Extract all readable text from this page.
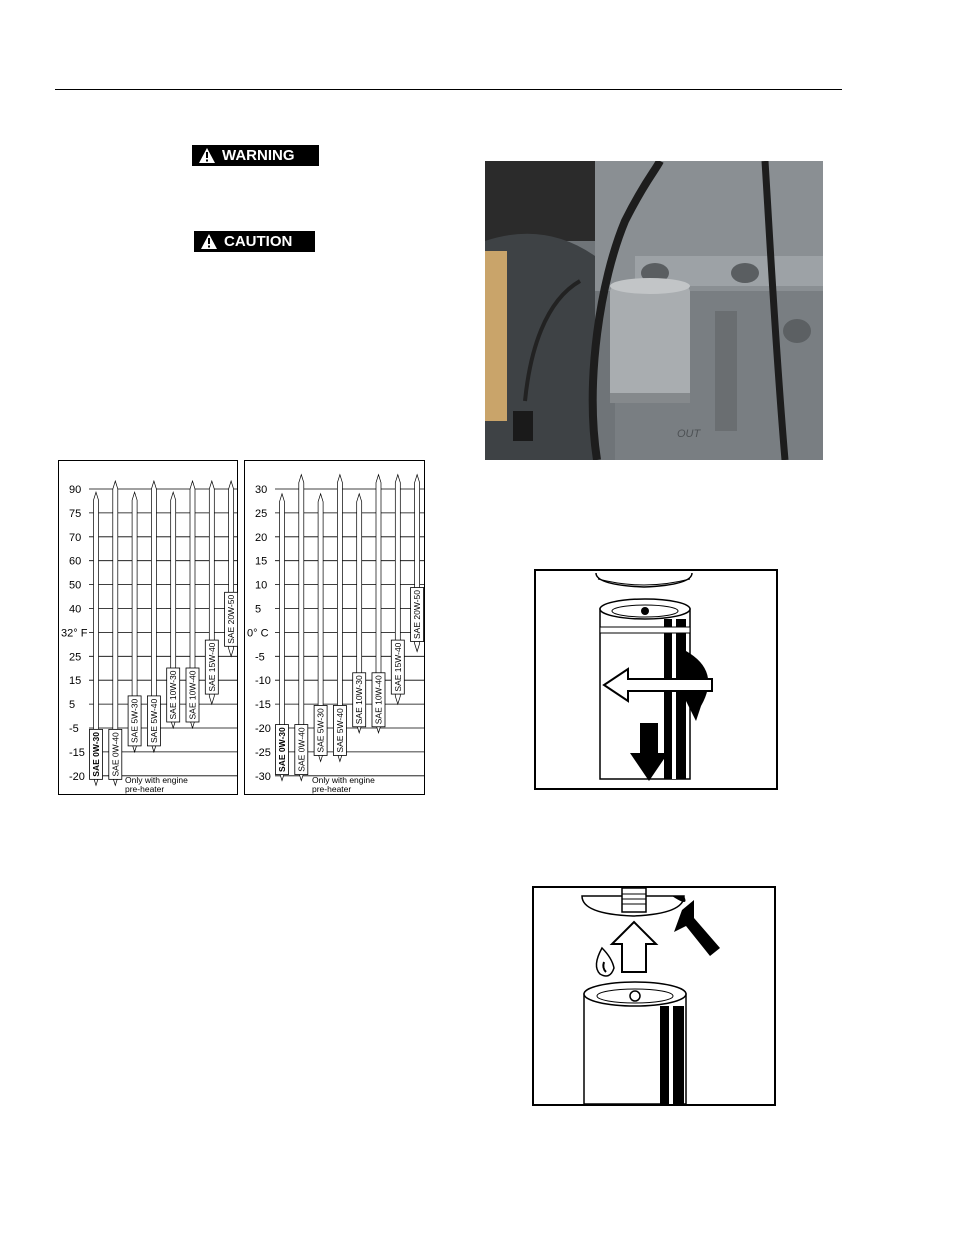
WARNING
CAUTION
90
75
70
60
50
40
32° F
25
15
5
-5
-15
-20
SAE 0W-30 SAE 0W-40
SAE 5W-30 SAE 5W-40
SAE 10W-30 SAE 10W-40
SAE 15W-40
SAE 20W-50
Only with engine
pre-heater
30
25
20
15
10
5
0° C
-5
-10
-15
-20
-25
-30
SAE 0W-30 SAE 0W-40 SAE 5W-30 SAE 5W-40
SAE 10W-30 SAE 10W-40
SAE 15W-40
SAE 20W-50
Only with engine
pre-heater
OUT
